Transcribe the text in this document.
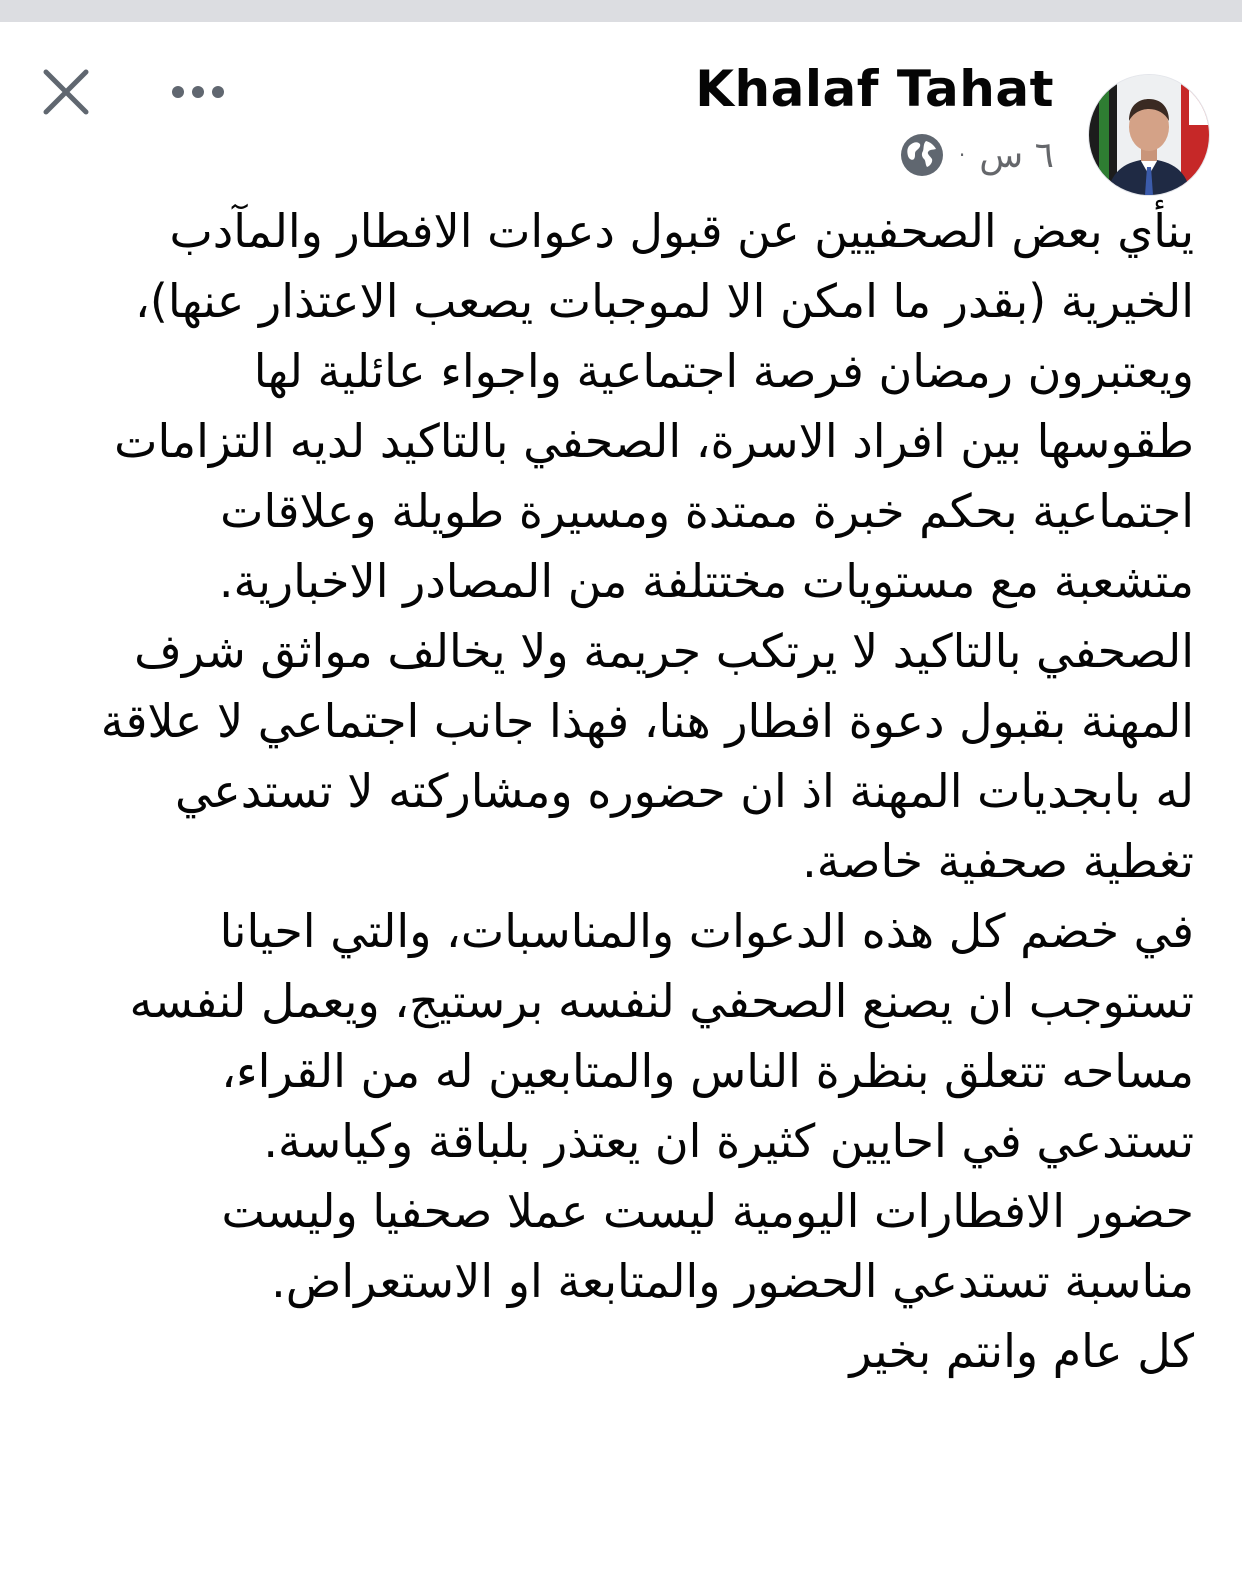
Khalaf Tahat
· ٦ س

ينأي بعض الصحفيين عن قبول دعوات الافطار والمآدب الخيرية (بقدر ما امكن الا لموجبات يصعب الاعتذار عنها)، ويعتبرون رمضان فرصة اجتماعية واجواء عائلية لها طقوسها بين افراد الاسرة، الصحفي بالتاكيد لديه التزامات اجتماعية بحكم خبرة ممتدة ومسيرة طويلة وعلاقات متشعبة مع مستويات مختتلفة من المصادر الاخبارية. الصحفي بالتاكيد لا يرتكب جريمة ولا يخالف مواثق شرف المهنة بقبول دعوة افطار هنا، فهذا جانب اجتماعي لا علاقة له بابجديات المهنة اذ ان حضوره ومشاركته لا تستدعي تغطية صحفية خاصة.

في خضم كل هذه الدعوات والمناسبات، والتي احيانا تستوجب ان يصنع الصحفي لنفسه برستيج، ويعمل لنفسه مساحه تتعلق بنظرة الناس والمتابعين له من القراء، تستدعي في احايين كثيرة ان يعتذر بلباقة وكياسة.

حضور الافطارات اليومية ليست عملا صحفيا وليست مناسبة تستدعي الحضور والمتابعة او الاستعراض.

كل عام وانتم بخير
